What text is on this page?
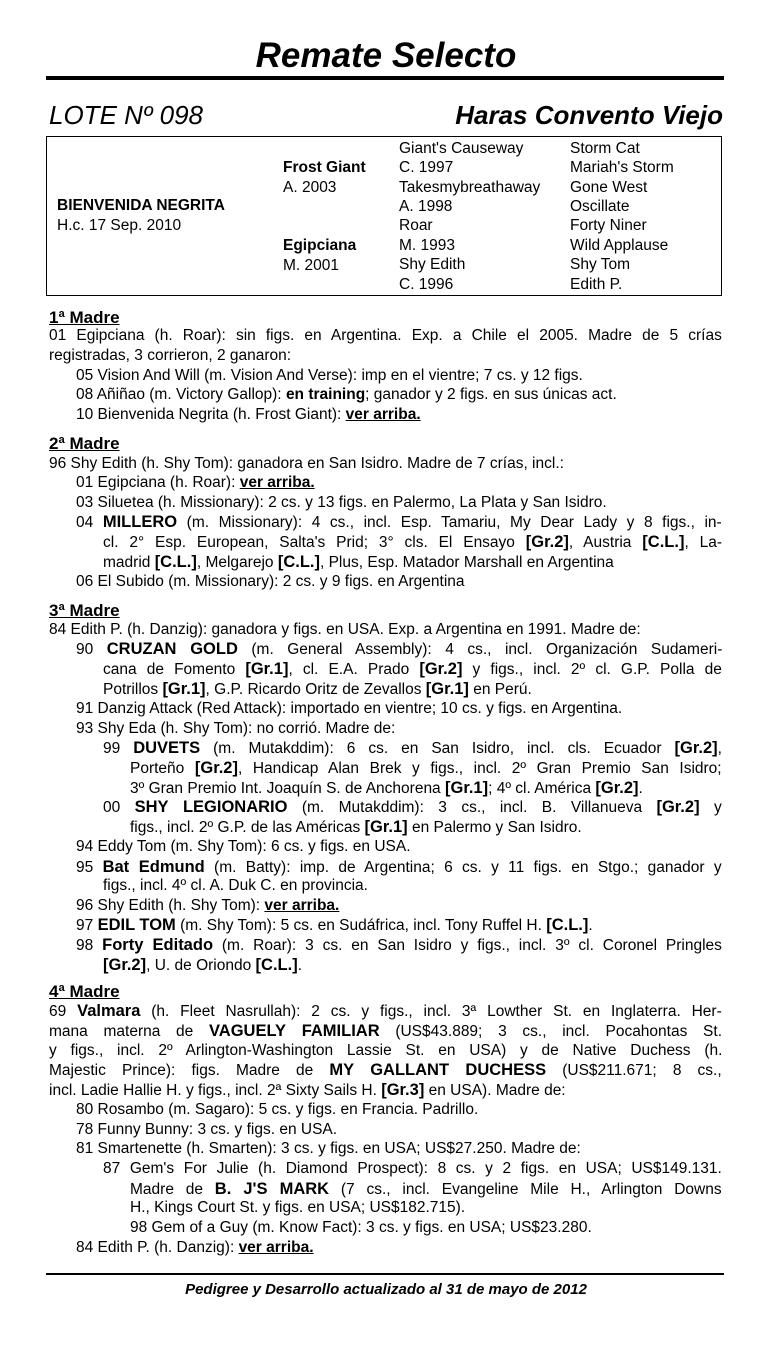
Remate Selecto
LOTE Nº 098	Haras Convento Viejo
BIENVENIDA NEGRITA
H.c. 17 Sep. 2010
Frost Giant
A. 2003
Egipciana
M. 2001
Giant's Causeway
C. 1997
Takesmybreathaway
A. 1998
Roar
M. 1993
Shy Edith
C. 1996
Storm Cat
Mariah's Storm
Gone West
Oscillate
Forty Niner
Wild Applause
Shy Tom
Edith P.
1ª Madre
2ª Madre
3ª Madre
4ª Madre
01 Egipciana (h. Roar): sin figs. en Argentina. Exp. a Chile el 2005. Madre de 5 crías
registradas, 3 corrieron, 2 ganaron:
05 Vision And Will (m. Vision And Verse): imp en el vientre; 7 cs. y 12 figs.
08 Añiñao (m. Victory Gallop): en training; ganador y 2 figs. en sus únicas act.
10 Bienvenida Negrita (h. Frost Giant): ver arriba.
96 Shy Edith (h. Shy Tom): ganadora en San Isidro. Madre de 7 crías, incl.:
01 Egipciana (h. Roar): ver arriba.
03 Siluetea (h. Missionary): 2 cs. y 13 figs. en Palermo, La Plata y San Isidro.
04 MILLERO (m. Missionary): 4 cs., incl. Esp. Tamariu, My Dear Lady y 8 figs., in-
cl. 2° Esp. European, Salta's Prid; 3° cls. El Ensayo [Gr.2], Austria [C.L.], La-
madrid [C.L.], Melgarejo [C.L.], Plus, Esp. Matador Marshall en Argentina
06 El Subido (m. Missionary): 2 cs. y 9 figs. en Argentina
84 Edith P. (h. Danzig): ganadora y figs. en USA. Exp. a Argentina en 1991. Madre de:
90 CRUZAN GOLD (m. General Assembly): 4 cs., incl. Organización Sudameri-
cana de Fomento [Gr.1], cl. E.A. Prado [Gr.2] y figs., incl. 2º cl. G.P. Polla de
Potrillos [Gr.1], G.P. Ricardo Oritz de Zevallos [Gr.1] en Perú.
91 Danzig Attack (Red Attack): importado en vientre; 10 cs. y figs. en Argentina.
93 Shy Eda (h. Shy Tom): no corrió. Madre de:
99 DUVETS (m. Mutakddim): 6 cs. en San Isidro, incl. cls. Ecuador [Gr.2],
Porteño [Gr.2], Handicap Alan Brek y figs., incl. 2º Gran Premio San Isidro;
3º Gran Premio Int. Joaquín S. de Anchorena [Gr.1]; 4º cl. América [Gr.2].
00 SHY LEGIONARIO (m. Mutakddim): 3 cs., incl. B. Villanueva [Gr.2] y
figs., incl. 2º G.P. de las Américas [Gr.1] en Palermo y San Isidro.
94 Eddy Tom (m. Shy Tom): 6 cs. y figs. en USA.
95 Bat Edmund (m. Batty): imp. de Argentina; 6 cs. y 11 figs. en Stgo.; ganador y
figs., incl. 4º cl. A. Duk C. en provincia.
96 Shy Edith (h. Shy Tom): ver arriba.
97 EDIL TOM (m. Shy Tom): 5 cs. en Sudáfrica, incl. Tony Ruffel H. [C.L.].
98 Forty Editado (m. Roar): 3 cs. en San Isidro y figs., incl. 3º cl. Coronel Pringles
[Gr.2], U. de Oriondo [C.L.].
69 Valmara (h. Fleet Nasrullah): 2 cs. y figs., incl. 3ª Lowther St. en Inglaterra. Her-
mana materna de VAGUELY FAMILIAR (US$43.889; 3 cs., incl. Pocahontas St.
y figs., incl. 2º Arlington-Washington Lassie St. en USA) y de Native Duchess (h.
Majestic Prince): figs. Madre de MY GALLANT DUCHESS (US$211.671; 8 cs.,
incl. Ladie Hallie H. y figs., incl. 2ª Sixty Sails H. [Gr.3] en USA). Madre de:
80 Rosambo (m. Sagaro): 5 cs. y figs. en Francia. Padrillo.
78 Funny Bunny: 3 cs. y figs. en USA.
81 Smartenette (h. Smarten): 3 cs. y figs. en USA; US$27.250. Madre de:
87 Gem's For Julie (h. Diamond Prospect): 8 cs. y 2 figs. en USA; US$149.131.
Madre de B. J'S MARK (7 cs., incl. Evangeline Mile H., Arlington Downs
H., Kings Court St. y figs. en USA; US$182.715).
98 Gem of a Guy (m. Know Fact): 3 cs. y figs. en USA; US$23.280.
84 Edith P. (h. Danzig): ver arriba.
Pedigree y Desarrollo actualizado al 31 de mayo de 2012
